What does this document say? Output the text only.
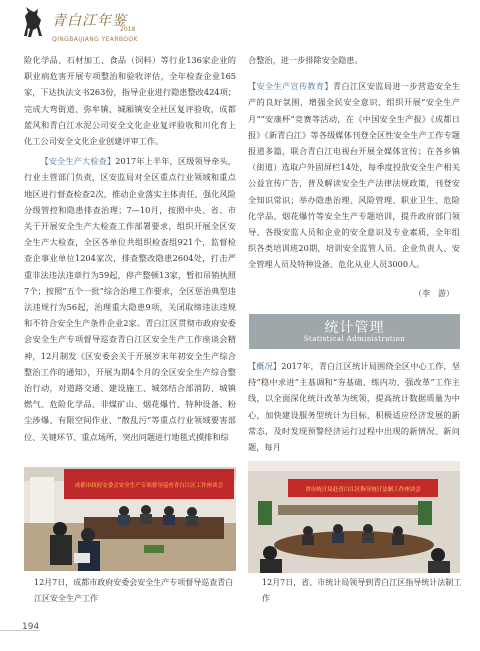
青白江年鉴
2018
QINGBAIJIANG YEARBOOK

险化学品、石材加工、食品（饲料）等行业136家企业的职业病危害开展专项整治和验收评估，全年检查企业165家，下达执法文书263份，指导企业进行隐患整改424项；完成大弯街道、弥牟镇、城厢镇安全社区复评验收，成都蓝风和青白江水泥公司安全文化企业复评验收和川化育上化工公司安全文化企业创建评审工作。

【安全生产大检查】2017年上半年，区级领导牵头，行业主管部门负责，区安监局对全区重点行业领域和重点地区进行督查检查2次，推动企业落实主体责任，强化风险分级管控和隐患排查治理；7—10月，按照中央、省、市关于开展安全生产大检查工作部署要求，组织开展全区安全生产大检查，全区各单位共组织检查组921个，监督检查企事业单位1204家次，排查整改隐患2604处，打击严重非法违法违章行为59起，停产整顿13家，暂扣吊销执照7个；按照“五个一批”综合治理工作要求，全区惩治典型违法违规行为56起，治理重大隐患9项，关闭取缔违法违规和不符合安全生产条件企业2家。青白江区贯彻市政府安委会安全生产专项督导巡查青白江区安全生产工作座谈会精神，12月制发《区安委会关于开展岁末年初安全生产综合整治工作的通知》，开展为期4个月的全区安全生产综合整治行动，对道路交通、建设施工、城郊结合部消防、城镇燃气、危险化学品、非煤矿山、烟花爆竹、特种设备、粉尘涉爆、有限空间作业、“散乱污”等重点行业领域要害部位、关键环节、重点场所，突出问题进行地毯式摸排和综

合整治，进一步排除安全隐患。

【安全生产宣传教育】青白江区安监局进一步营造安全生产的良好氛围，增强全民安全意识，组织开展“安全生产月”“安康杯”竞赛等活动，在《中国安全生产报》《成都日报》《新青白江》等各级媒体刊登全区性安全生产工作专题报道多篇，联合青白江电视台开展全媒体宣传；在各乡镇（街道）选取户外固屏栏14处，每季度投放安全生产相关公益宣传广告，普及解读安全生产法律法规政策，刊登安全知识常识；举办隐患治理、风险管理、职业卫生、危险化学品、烟花爆竹等安全生产专题培训，提升政府部门领导、各级安监人员和企业的安全意识及专业素质，全年组织各类培训班20期，培训安全监管人员、企业负责人、安全管理人员及特种设备、危化从业人员3000人。

（李　游）
统计管理
Statistical Administration

【概况】2017年，青白江区统计局围绕全区中心工作，坚持“稳中求进”主基调和“夯基础、练内功、强改革”工作主线，以全面深化统计改革为统领，提高统计数据质量为中心，加快建设服务型统计为目标，积极适应经济发展的新常态，及时发现预警经济运行过程中出现的新情况、新问题，每月

成都市政府安委会安全生产专项督导巡查青白江区工作座谈会
12月7日，成都市政府安委会安全生产专项督导巡查青白江区安全生产工作
省市统计局赴青白江区指导统计法制工作座谈会
12月7日，省、市统计局领导到青白江区指导统计法制工作
194
